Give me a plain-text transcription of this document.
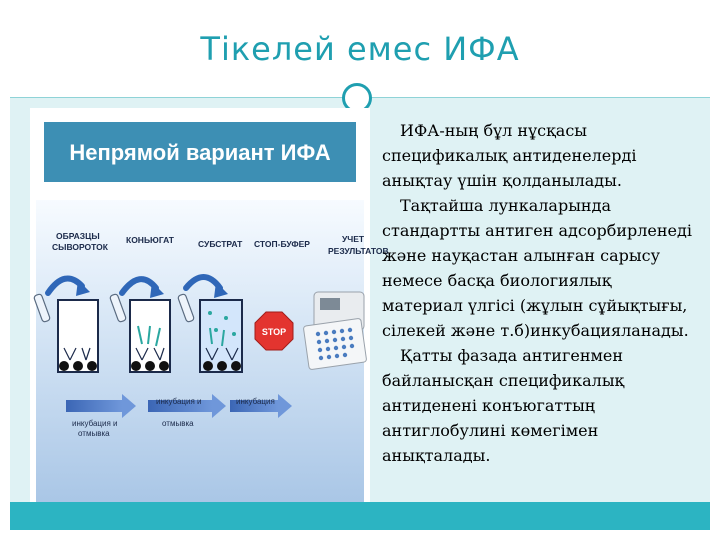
Тікелей емес ИФА
Непрямой вариант ИФА
ОБРАЗЦЫ
СЫВОРОТОК
КОНЬЮГАТ	СУБСТРАТ СТОП-БУФЕР	УЧЕТ
РЕЗУЛЬТАТОВ
STOP
инкубация и
отмывка
инкубация и
отмывка
инкубация

ИФА-ның бұл нұсқасы спецификалық антиденелерді анықтау үшін қолданылады.

Тақтайша лункаларында стандартты антиген адсорбирленеді және науқастан алынған сарысу немесе басқа биологиялық материал үлгісі (жұлын сұйықтығы, сілекей және т.б)инкубацияланады.

Қатты фазада антигенмен байланысқан спецификалық антиденені конъюгаттың антиглобулині көмегімен анықталады.
